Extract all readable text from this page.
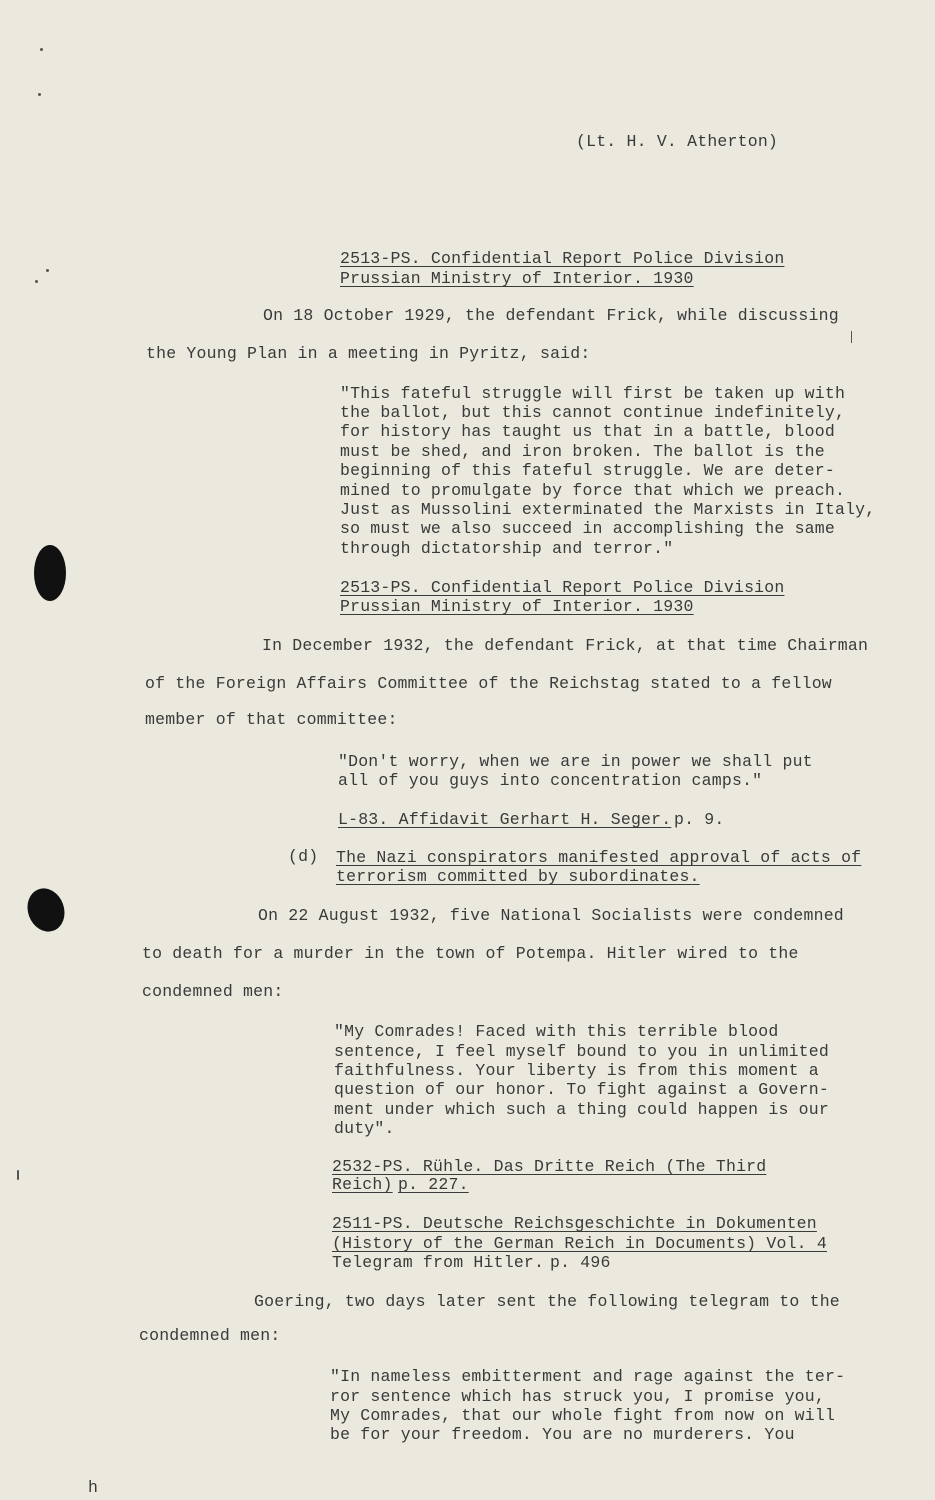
(Lt. H. V. Atherton)
2513-PS. Confidential Report Police Division
Prussian Ministry of Interior. 1930
On 18 October 1929, the defendant Frick, while discussing
the Young Plan in a meeting in Pyritz, said:
"This fateful struggle will first be taken up with
the ballot, but this cannot continue indefinitely,
for history has taught us that in a battle, blood
must be shed, and iron broken. The ballot is the
beginning of this fateful struggle. We are deter-
mined to promulgate by force that which we preach.
Just as Mussolini exterminated the Marxists in Italy,
so must we also succeed in accomplishing the same
through dictatorship and terror."
2513-PS. Confidential Report Police Division
Prussian Ministry of Interior. 1930
In December 1932, the defendant Frick, at that time Chairman
of the Foreign Affairs Committee of the Reichstag stated to a fellow
member of that committee:
"Don't worry, when we are in power we shall put
all of you guys into concentration camps."
L-83. Affidavit Gerhart H. Seger. p. 9.
(d) The Nazi conspirators manifested approval of acts of
terrorism committed by subordinates.
On 22 August 1932, five National Socialists were condemned
to death for a murder in the town of Potempa. Hitler wired to the
condemned men:
"My Comrades! Faced with this terrible blood
sentence, I feel myself bound to you in unlimited
faithfulness. Your liberty is from this moment a
question of our honor. To fight against a Govern-
ment under which such a thing could happen is our
duty".
2532-PS. Rühle. Das Dritte Reich (The Third
Reich) p. 227.
2511-PS. Deutsche Reichsgeschichte in Dokumenten
(History of the German Reich in Documents) Vol. 4
Telegram from Hitler. p. 496
Goering, two days later sent the following telegram to the
condemned men:
"In nameless embitterment and rage against the ter-
ror sentence which has struck you, I promise you,
My Comrades, that our whole fight from now on will
be for your freedom. You are no murderers. You
h
